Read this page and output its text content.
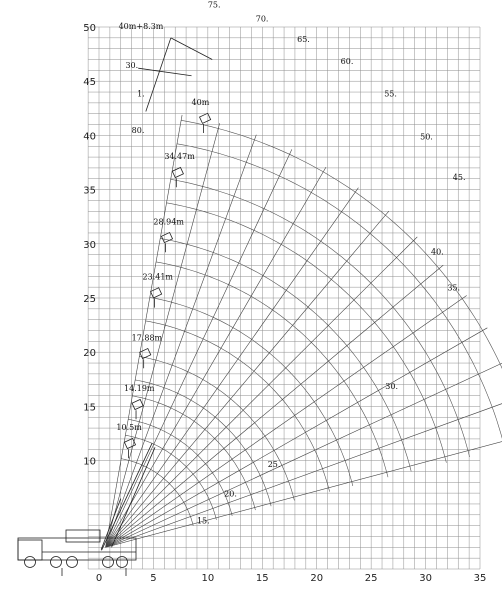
0	5	10	15	20	25	30	35
10
15
20
25
30
35
40
45
50
10.5m
14.19m
17.88m
23.41m
28.94m
34.47m
40m
15.
20.
25.
30.
35.
40.
45.
50.
55.
60.
65.
70.
75.
80.
40m+8.3m
30.
1.
